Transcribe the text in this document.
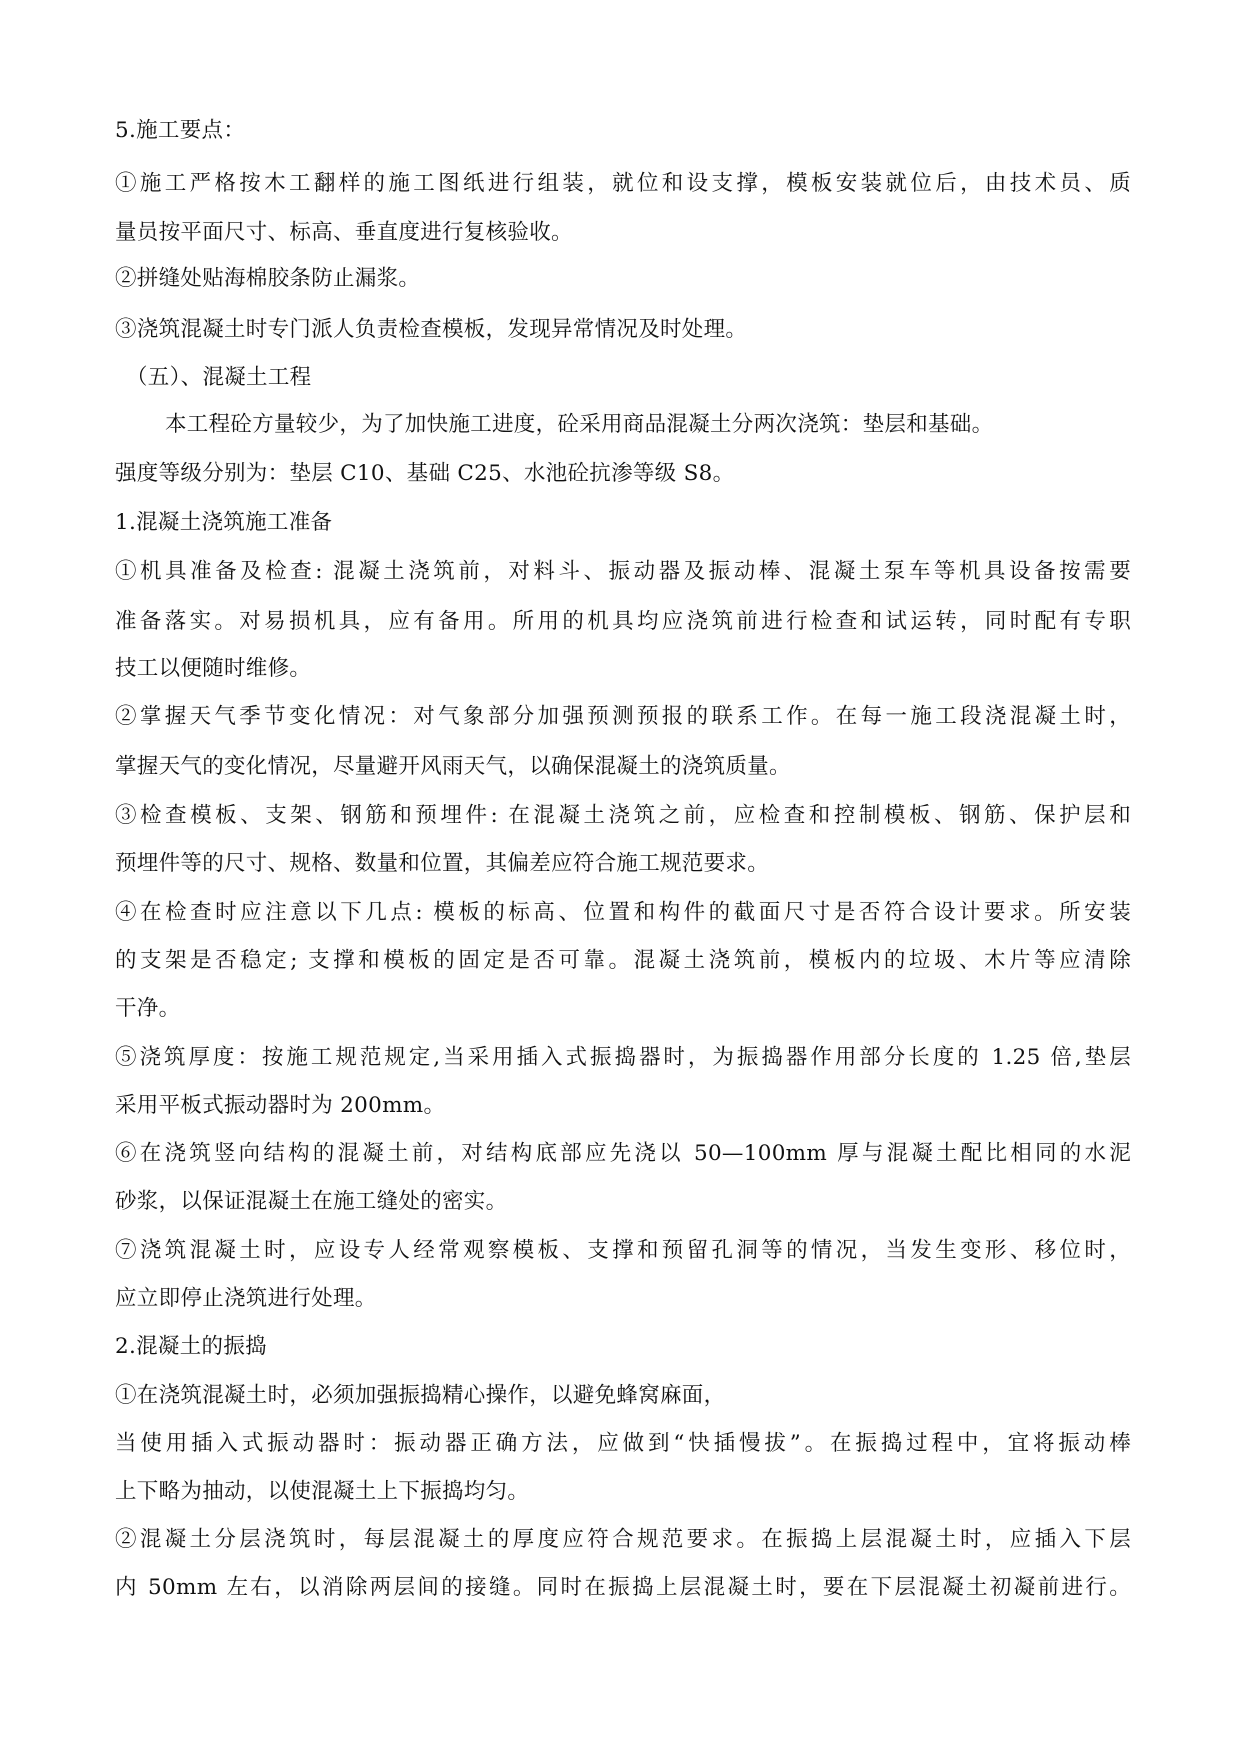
5.施工要点：
①施工严格按木工翻样的施工图纸进行组装，就位和设支撑，模板安装就位后，由技术员、质
量员按平面尺寸、标高、垂直度进行复核验收。
②拼缝处贴海棉胶条防止漏浆。
③浇筑混凝土时专门派人负责检查模板，发现异常情况及时处理。
（五）、混凝土工程
本工程砼方量较少，为了加快施工进度，砼采用商品混凝土分两次浇筑：垫层和基础。
强度等级分别为：垫层 C10、基础 C25、水池砼抗渗等级 S8。
1.混凝土浇筑施工准备
①机具准备及检查: 混凝土浇筑前，对料斗、振动器及振动棒、混凝土泵车等机具设备按需要
准备落实。对易损机具，应有备用。所用的机具均应浇筑前进行检查和试运转，同时配有专职
技工以便随时维修。
②掌握天气季节变化情况：对气象部分加强预测预报的联系工作。在每一施工段浇混凝土时，
掌握天气的变化情况，尽量避开风雨天气，以确保混凝土的浇筑质量。
③检查模板、支架、钢筋和预埋件: 在混凝土浇筑之前，应检查和控制模板、钢筋、保护层和
预埋件等的尺寸、规格、数量和位置，其偏差应符合施工规范要求。
④在检查时应注意以下几点: 模板的标高、位置和构件的截面尺寸是否符合设计要求。所安装
的支架是否稳定; 支撑和模板的固定是否可靠。混凝土浇筑前，模板内的垃圾、木片等应清除
干净。
⑤浇筑厚度：按施工规范规定,当采用插入式振捣器时，为振捣器作用部分长度的 1.25 倍,垫层
采用平板式振动器时为 200mm。
⑥在浇筑竖向结构的混凝土前，对结构底部应先浇以 50—100mm 厚与混凝土配比相同的水泥
砂浆，以保证混凝土在施工缝处的密实。
⑦浇筑混凝土时，应设专人经常观察模板、支撑和预留孔洞等的情况，当发生变形、移位时，
应立即停止浇筑进行处理。
2.混凝土的振捣
①在浇筑混凝土时，必须加强振捣精心操作，以避免蜂窝麻面，
当使用插入式振动器时：振动器正确方法，应做到“快插慢拔”。在振捣过程中，宜将振动棒
上下略为抽动，以使混凝土上下振捣均匀。
②混凝土分层浇筑时，每层混凝土的厚度应符合规范要求。在振捣上层混凝土时，应插入下层
内 50mm 左右，以消除两层间的接缝。同时在振捣上层混凝土时，要在下层混凝土初凝前进行。
